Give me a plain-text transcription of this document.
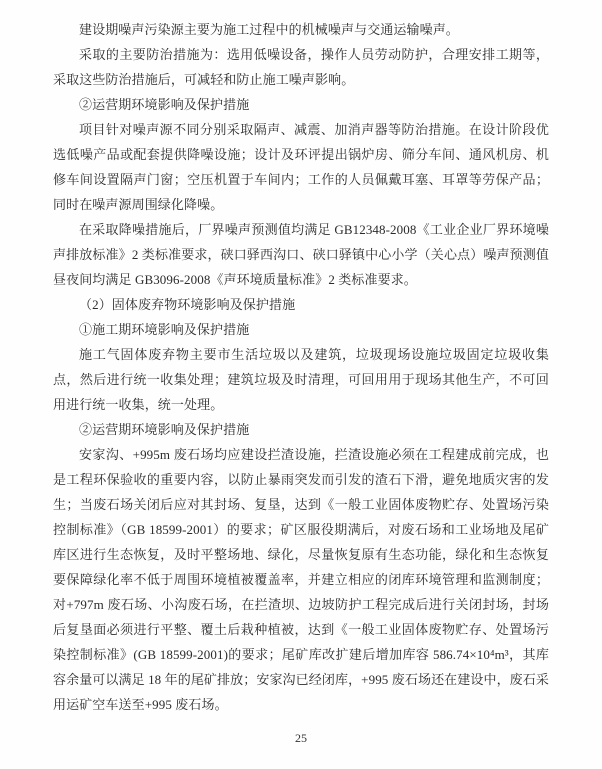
建设期噪声污染源主要为施工过程中的机械噪声与交通运输噪声。

采取的主要防治措施为：选用低噪设备，操作人员劳动防护，合理安排工期等，采取这些防治措施后，可减轻和防止施工噪声影响。

②运营期环境影响及保护措施

项目针对噪声源不同分别采取隔声、减震、加消声器等防治措施。在设计阶段优选低噪产品或配套提供降噪设施；设计及环评提出锅炉房、筛分车间、通风机房、机修车间设置隔声门窗；空压机置于车间内；工作的人员佩戴耳塞、耳罩等劳保产品；同时在噪声源周围绿化降噪。

在采取降噪措施后，厂界噪声预测值均满足 GB12348-2008《工业企业厂界环境噪声排放标准》2 类标准要求，硖口驿西沟口、硖口驿镇中心小学（关心点）噪声预测值昼夜间均满足 GB3096-2008《声环境质量标准》2 类标准要求。

（2）固体废弃物环境影响及保护措施

①施工期环境影响及保护措施

施工气固体废弃物主要市生活垃圾以及建筑，垃圾现场设施垃圾固定垃圾收集点，然后进行统一收集处理；建筑垃圾及时清理，可回用用于现场其他生产，不可回用进行统一收集，统一处理。

②运营期环境影响及保护措施

安家沟、+995m 废石场均应建设拦渣设施，拦渣设施必须在工程建成前完成，也是工程环保验收的重要内容，以防止暴雨突发而引发的渣石下滑，避免地质灾害的发生；当废石场关闭后应对其封场、复垦，达到《一般工业固体废物贮存、处置场污染控制标准》（GB 18599-2001）的要求；矿区服役期满后，对废石场和工业场地及尾矿库区进行生态恢复，及时平整场地、绿化，尽量恢复原有生态功能，绿化和生态恢复要保障绿化率不低于周围环境植被覆盖率，并建立相应的闭库环境管理和监测制度；对+797m 废石场、小沟废石场，在拦渣坝、边坡防护工程完成后进行关闭封场，封场后复垦面必须进行平整、覆土后栽种植被，达到《一般工业固体废物贮存、处置场污染控制标准》(GB 18599-2001)的要求；尾矿库改扩建后增加库容 586.74×10⁴m³，其库容余量可以满足 18 年的尾矿排放；安家沟已经闭库，+995 废石场还在建设中，废石采用运矿空车送至+995 废石场。

25
